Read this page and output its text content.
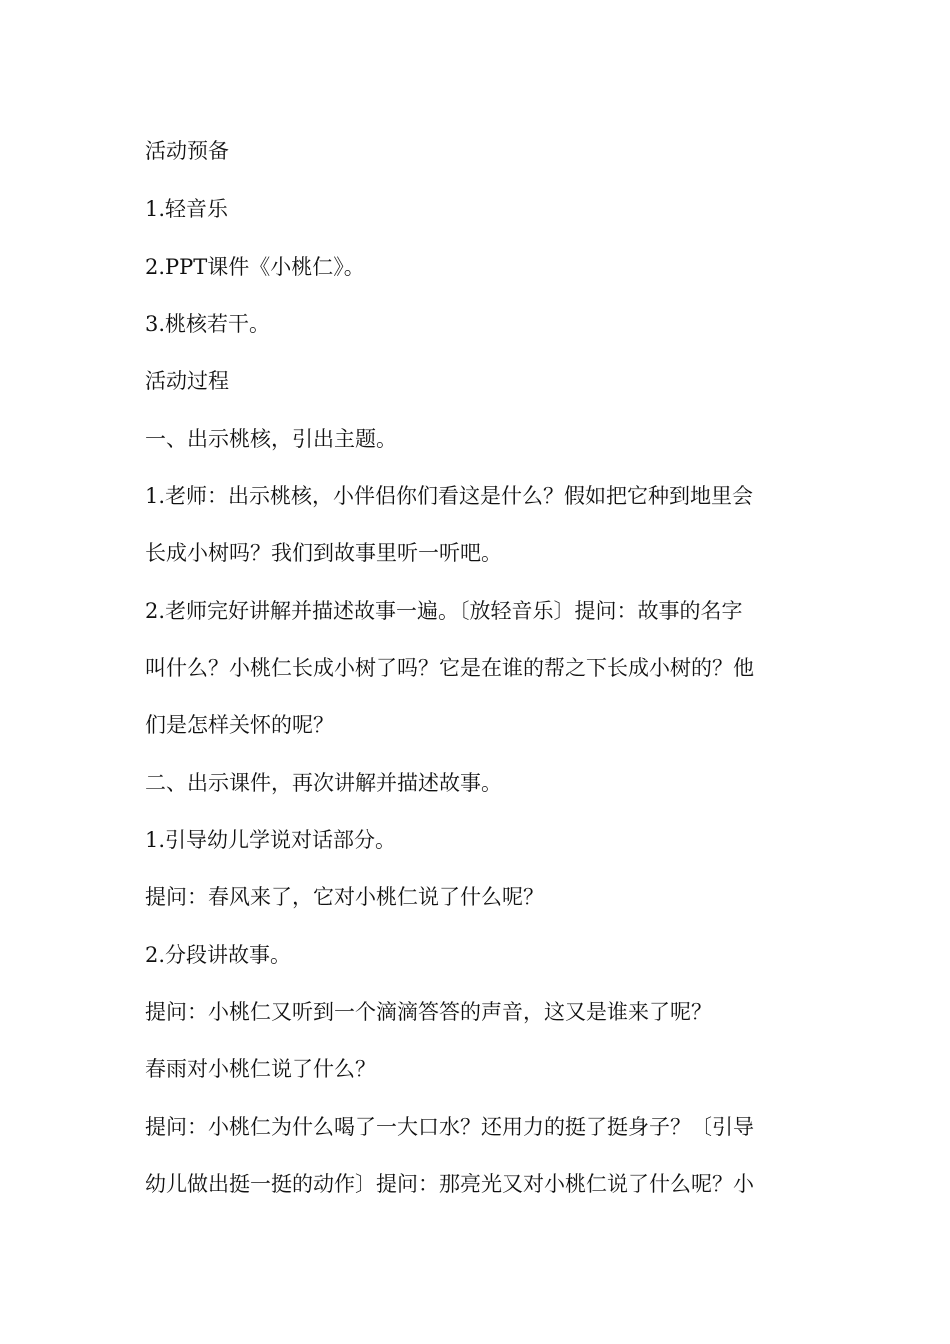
活动预备
1.轻音乐
2.PPT课件《小桃仁》。
3.桃核若干。
活动过程
一、出示桃核，引出主题。
1.老师：出示桃核，小伴侣你们看这是什么？假如把它种到地里会
长成小树吗？我们到故事里听一听吧。
2.老师完好讲解并描述故事一遍。〔放轻音乐〕提问：故事的名字
叫什么？小桃仁长成小树了吗？它是在谁的帮之下长成小树的？他
们是怎样关怀的呢？
二、出示课件，再次讲解并描述故事。
1.引导幼儿学说对话部分。
提问：春风来了，它对小桃仁说了什么呢？
2.分段讲故事。
提问：小桃仁又听到一个滴滴答答的声音，这又是谁来了呢？
春雨对小桃仁说了什么？
提问：小桃仁为什么喝了一大口水？还用力的挺了挺身子？〔引导
幼儿做出挺一挺的动作〕提问：那亮光又对小桃仁说了什么呢？小
